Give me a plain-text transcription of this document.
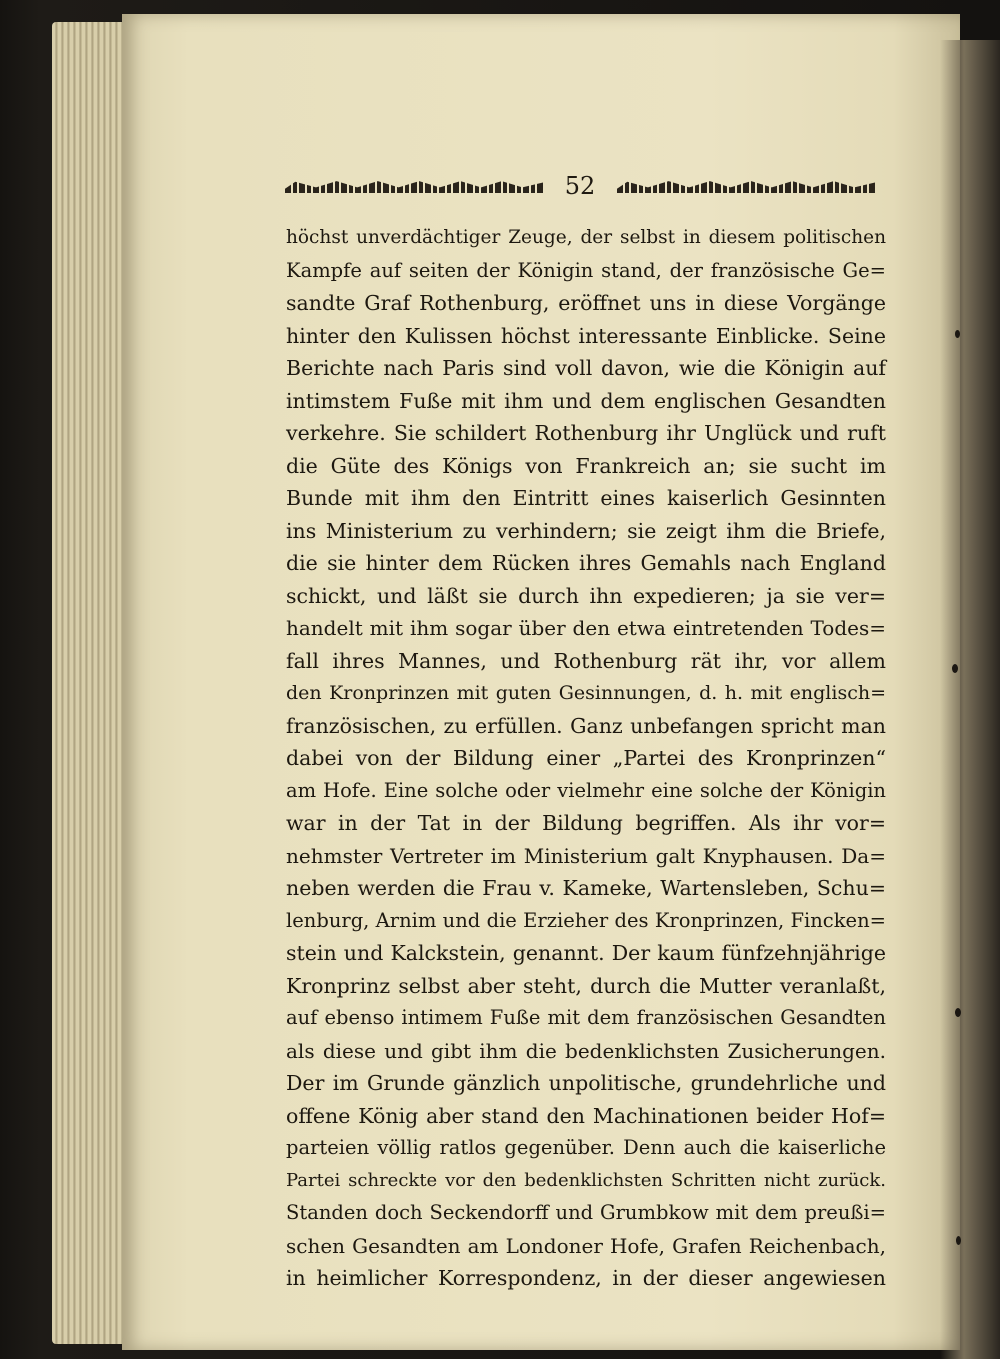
52
höchst unverdächtiger Zeuge, der selbst in diesem politischen
Kampfe auf seiten der Königin stand, der französische Ge=
sandte Graf Rothenburg, eröffnet uns in diese Vorgänge
hinter den Kulissen höchst interessante Einblicke. Seine
Berichte nach Paris sind voll davon, wie die Königin auf
intimstem Fuße mit ihm und dem englischen Gesandten
verkehre. Sie schildert Rothenburg ihr Unglück und ruft
die Güte des Königs von Frankreich an; sie sucht im
Bunde mit ihm den Eintritt eines kaiserlich Gesinnten
ins Ministerium zu verhindern; sie zeigt ihm die Briefe,
die sie hinter dem Rücken ihres Gemahls nach England
schickt, und läßt sie durch ihn expedieren; ja sie ver=
handelt mit ihm sogar über den etwa eintretenden Todes=
fall ihres Mannes, und Rothenburg rät ihr, vor allem
den Kronprinzen mit guten Gesinnungen, d. h. mit englisch=
französischen, zu erfüllen. Ganz unbefangen spricht man
dabei von der Bildung einer „Partei des Kronprinzen“
am Hofe. Eine solche oder vielmehr eine solche der Königin
war in der Tat in der Bildung begriffen. Als ihr vor=
nehmster Vertreter im Ministerium galt Knyphausen. Da=
neben werden die Frau v. Kameke, Wartensleben, Schu=
lenburg, Arnim und die Erzieher des Kronprinzen, Fincken=
stein und Kalckstein, genannt. Der kaum fünfzehnjährige
Kronprinz selbst aber steht, durch die Mutter veranlaßt,
auf ebenso intimem Fuße mit dem französischen Gesandten
als diese und gibt ihm die bedenklichsten Zusicherungen.
Der im Grunde gänzlich unpolitische, grundehrliche und
offene König aber stand den Machinationen beider Hof=
parteien völlig ratlos gegenüber. Denn auch die kaiserliche
Partei schreckte vor den bedenklichsten Schritten nicht zurück.
Standen doch Seckendorff und Grumbkow mit dem preußi=
schen Gesandten am Londoner Hofe, Grafen Reichenbach,
in heimlicher Korrespondenz, in der dieser angewiesen
